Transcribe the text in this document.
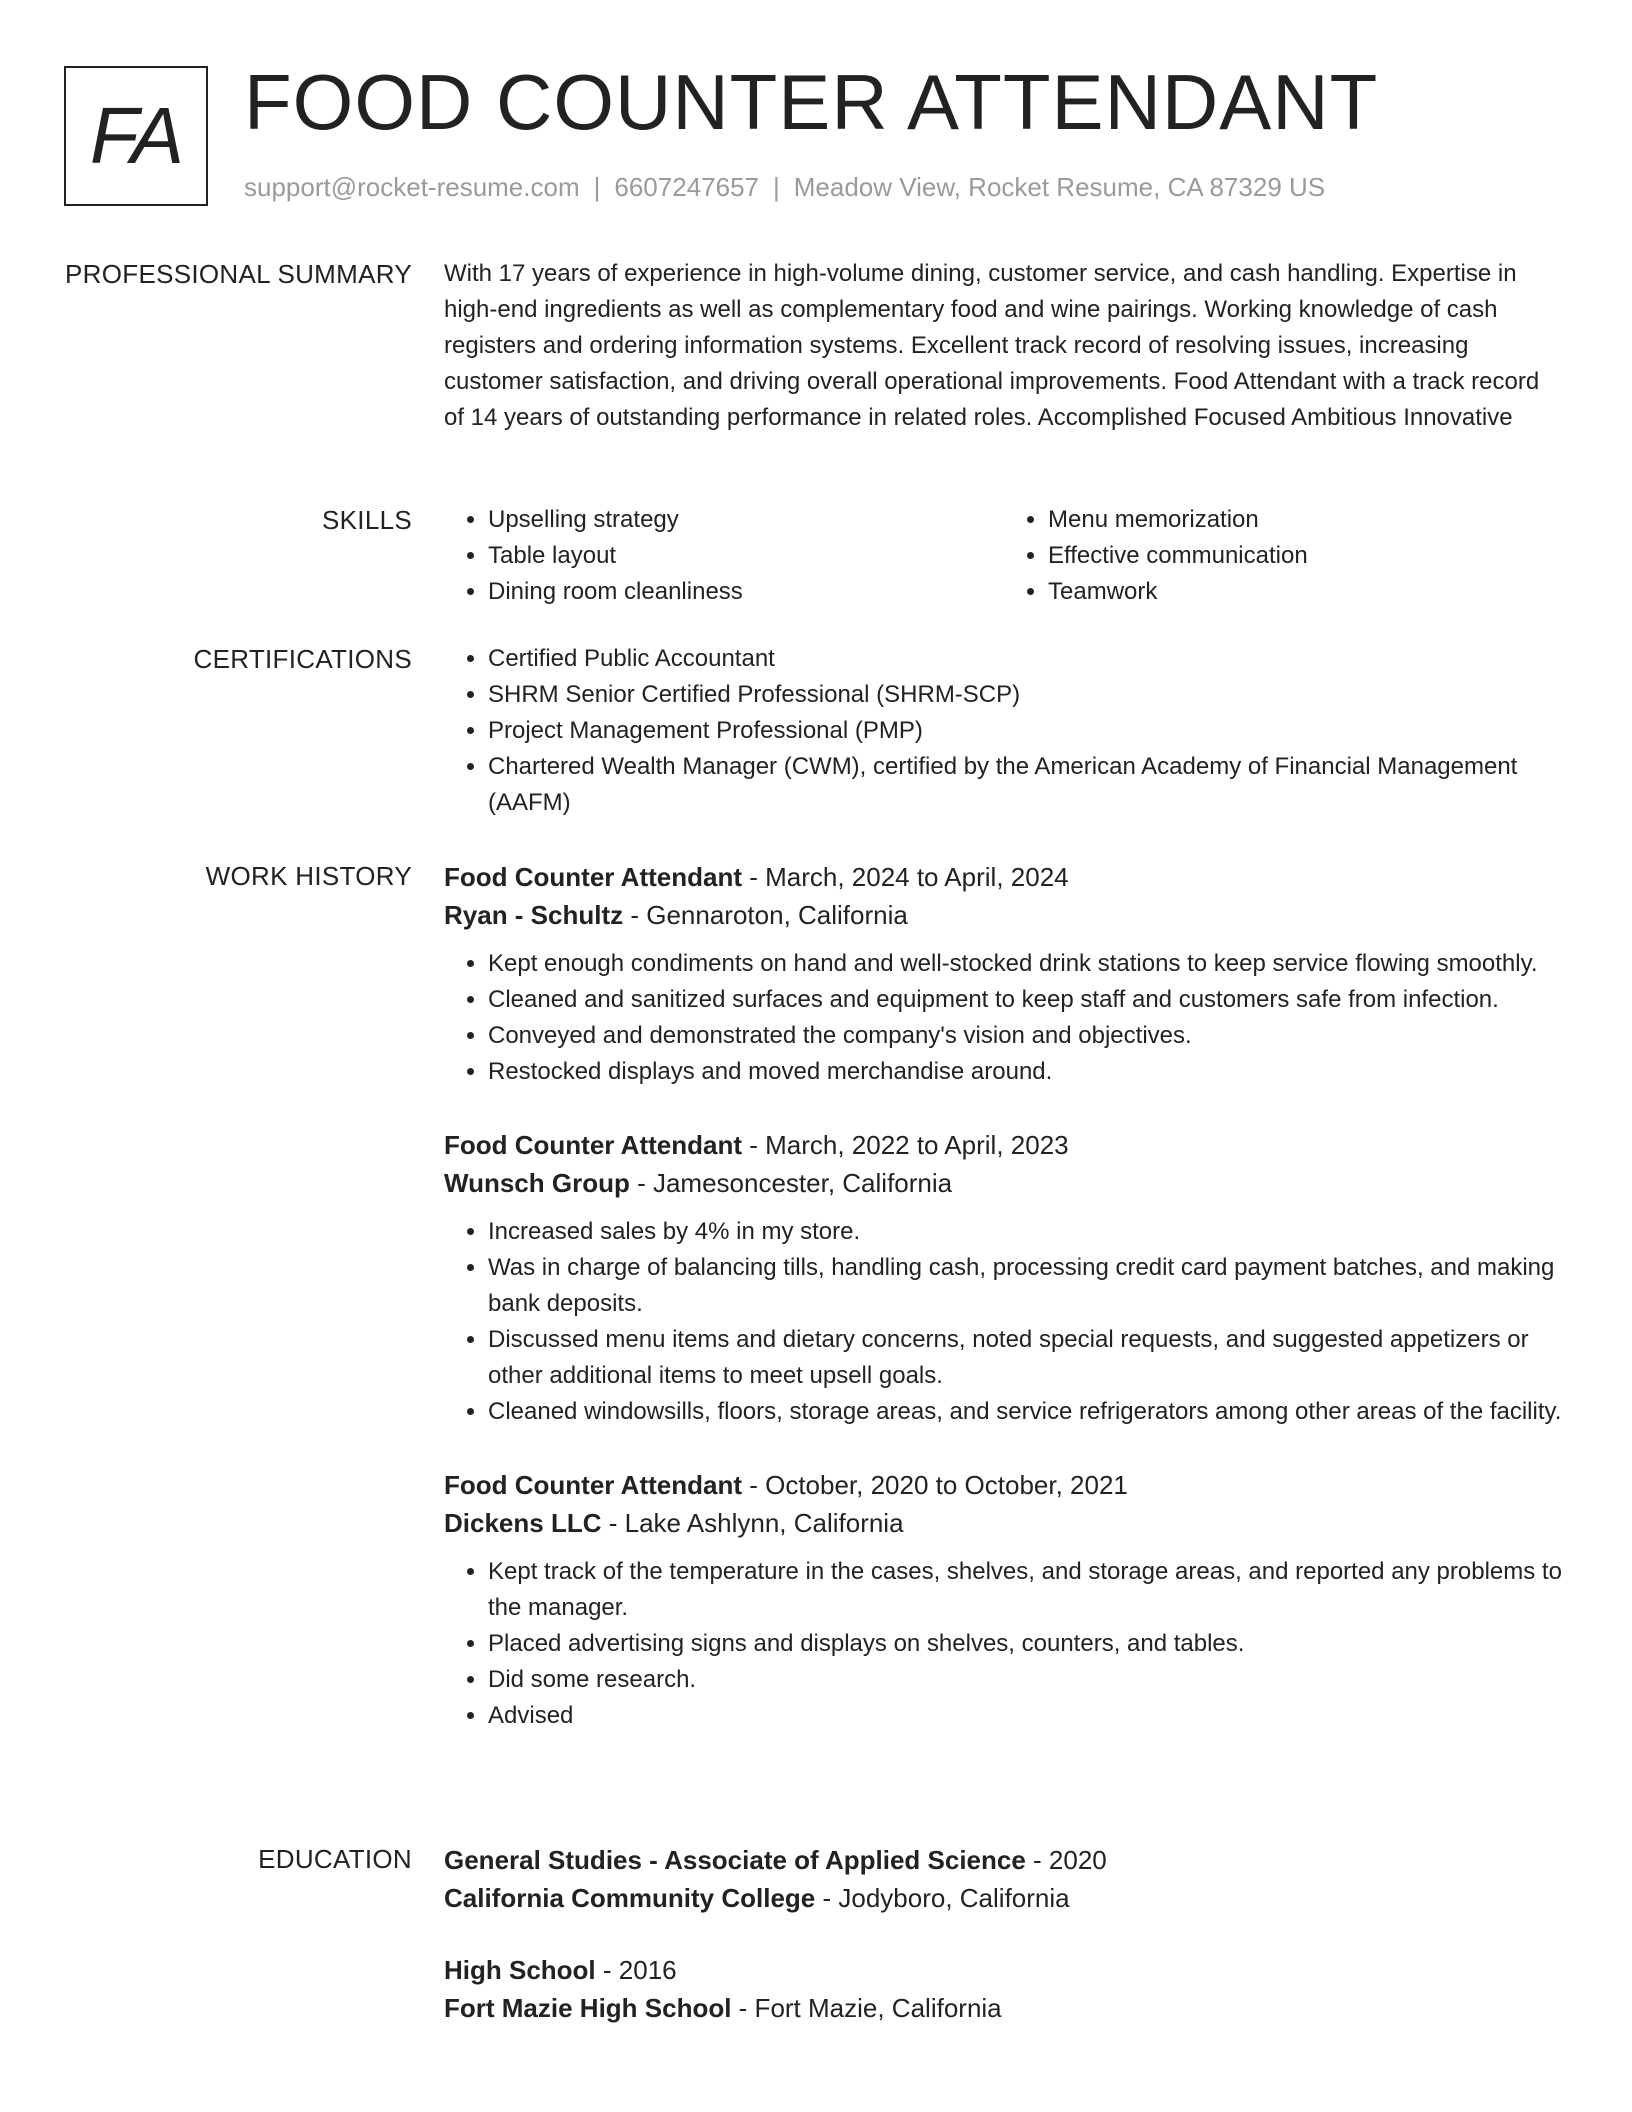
FA FOOD COUNTER ATTENDANT
support@rocket-resume.com | 6607247657 | Meadow View, Rocket Resume, CA 87329 US
PROFESSIONAL SUMMARY With 17 years of experience in high-volume dining, customer service, and cash handling. Expertise in high-end ingredients as well as complementary food and wine pairings. Working knowledge of cash registers and ordering information systems. Excellent track record of resolving issues, increasing customer satisfaction, and driving overall operational improvements. Food Attendant with a track record of 14 years of outstanding performance in related roles. Accomplished Focused Ambitious Innovative

SKILLS	• Upselling strategy
• Table layout
• Dining room cleanliness
• Menu memorization
• Effective communication
• Teamwork
CERTIFICATIONS	• Certified Public Accountant
• SHRM Senior Certified Professional (SHRM-SCP)
• Project Management Professional (PMP)
• Chartered Wealth Manager (CWM), certified by the American Academy of Financial Management (AAFM)
WORK HISTORY Food Counter Attendant - March, 2024 to April, 2024
Ryan - Schultz - Gennaroton, California
• Kept enough condiments on hand and well-stocked drink stations to keep service flowing smoothly.
• Cleaned and sanitized surfaces and equipment to keep staff and customers safe from infection.
• Conveyed and demonstrated the company's vision and objectives.
• Restocked displays and moved merchandise around.
Food Counter Attendant - March, 2022 to April, 2023
Wunsch Group - Jamesoncester, California
• Increased sales by 4% in my store.
• Was in charge of balancing tills, handling cash, processing credit card payment batches, and making bank deposits.
• Discussed menu items and dietary concerns, noted special requests, and suggested appetizers or other additional items to meet upsell goals.
• Cleaned windowsills, floors, storage areas, and service refrigerators among other areas of the facility.
Food Counter Attendant - October, 2020 to October, 2021
Dickens LLC - Lake Ashlynn, California
• Kept track of the temperature in the cases, shelves, and storage areas, and reported any problems to the manager.
• Placed advertising signs and displays on shelves, counters, and tables.
• Did some research.
• Advised
EDUCATION General Studies - Associate of Applied Science - 2020
California Community College - Jodyboro, California
High School - 2016
Fort Mazie High School - Fort Mazie, California
